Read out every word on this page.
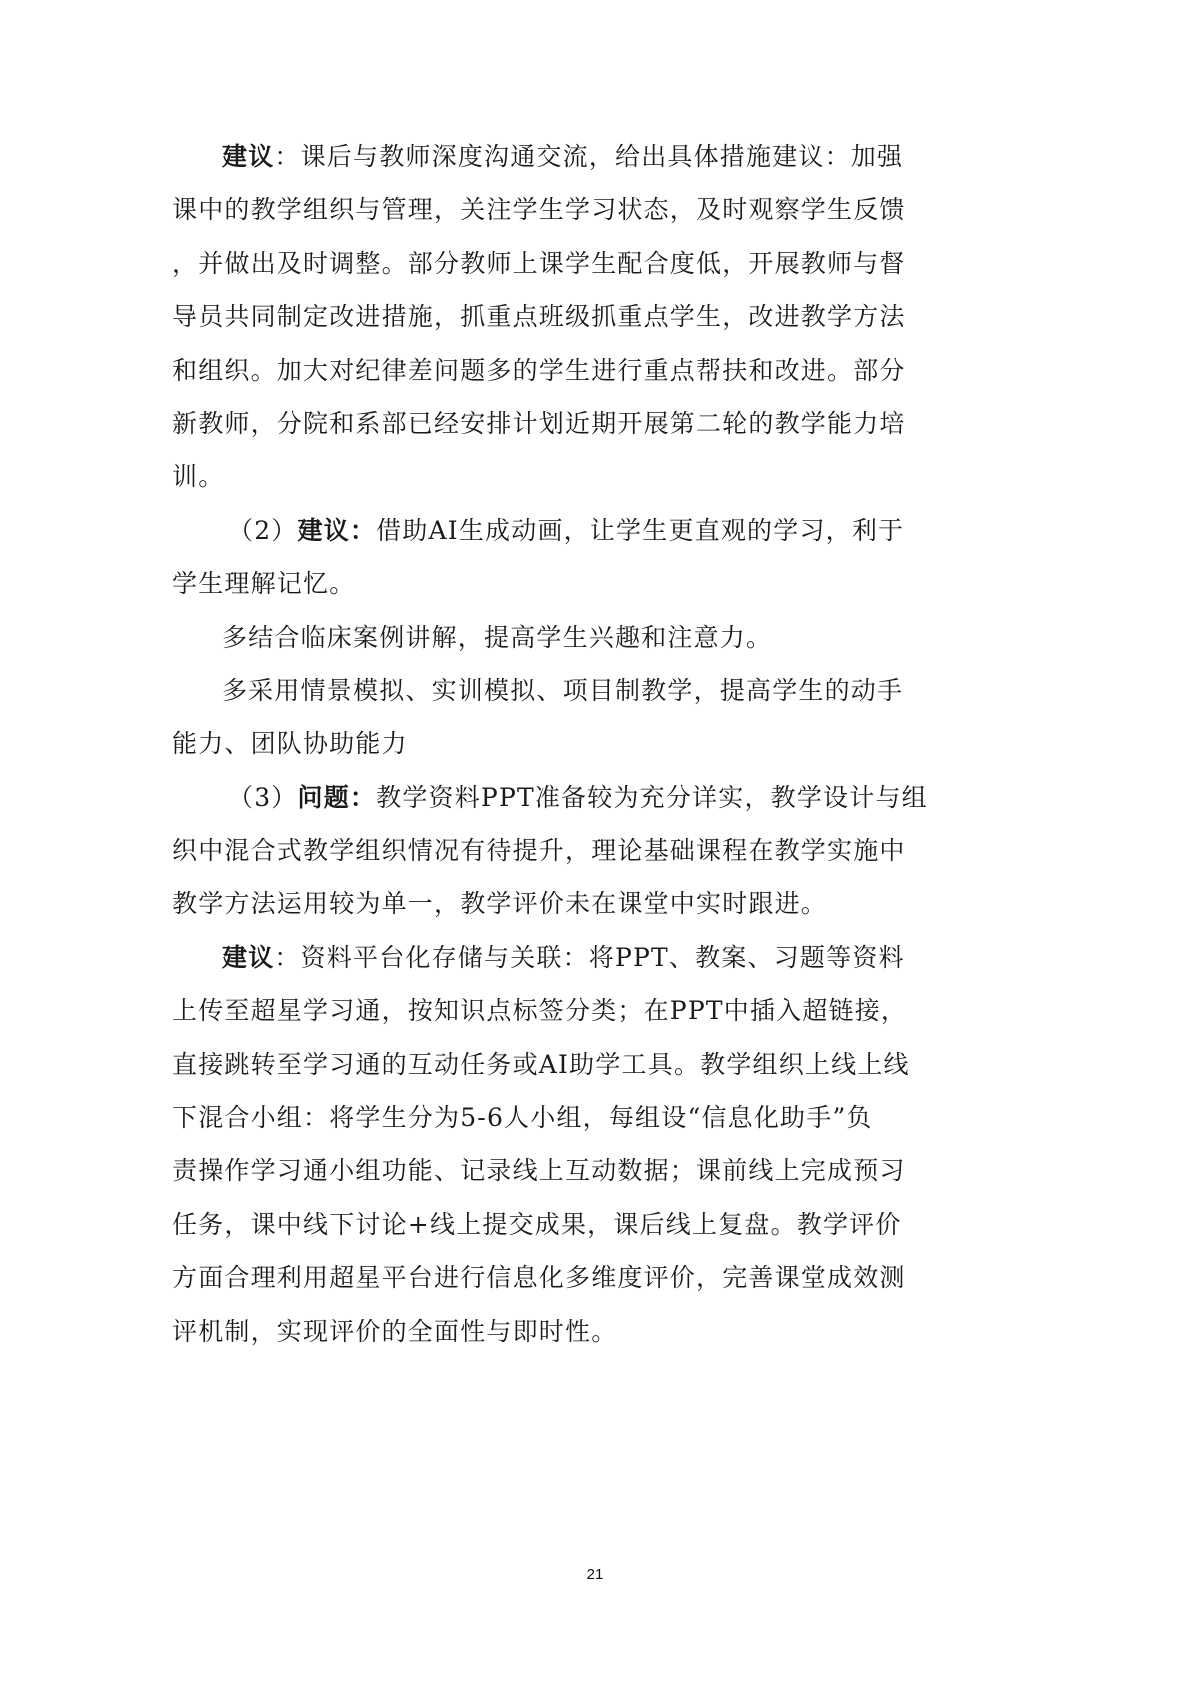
建议：课后与教师深度沟通交流，给出具体措施建议：加强
课中的教学组织与管理，关注学生学习状态，及时观察学生反馈
，并做出及时调整。部分教师上课学生配合度低，开展教师与督
导员共同制定改进措施，抓重点班级抓重点学生，改进教学方法
和组织。加大对纪律差问题多的学生进行重点帮扶和改进。部分
新教师，分院和系部已经安排计划近期开展第二轮的教学能力培
训。
（2）建议：借助AI生成动画，让学生更直观的学习，利于
学生理解记忆。
多结合临床案例讲解，提高学生兴趣和注意力。
多采用情景模拟、实训模拟、项目制教学，提高学生的动手
能力、团队协助能力
（3）问题：教学资料PPT准备较为充分详实，教学设计与组
织中混合式教学组织情况有待提升，理论基础课程在教学实施中
教学方法运用较为单一，教学评价未在课堂中实时跟进。
建议：资料平台化存储与关联：将PPT、教案、习题等资料
上传至超星学习通，按知识点标签分类；在PPT中插入超链接，
直接跳转至学习通的互动任务或AI助学工具。教学组织上线上线
下混合小组：将学生分为5-6人小组，每组设“信息化助手”负
责操作学习通小组功能、记录线上互动数据；课前线上完成预习
任务，课中线下讨论+线上提交成果，课后线上复盘。教学评价
方面合理利用超星平台进行信息化多维度评价，完善课堂成效测
评机制，实现评价的全面性与即时性。
21
